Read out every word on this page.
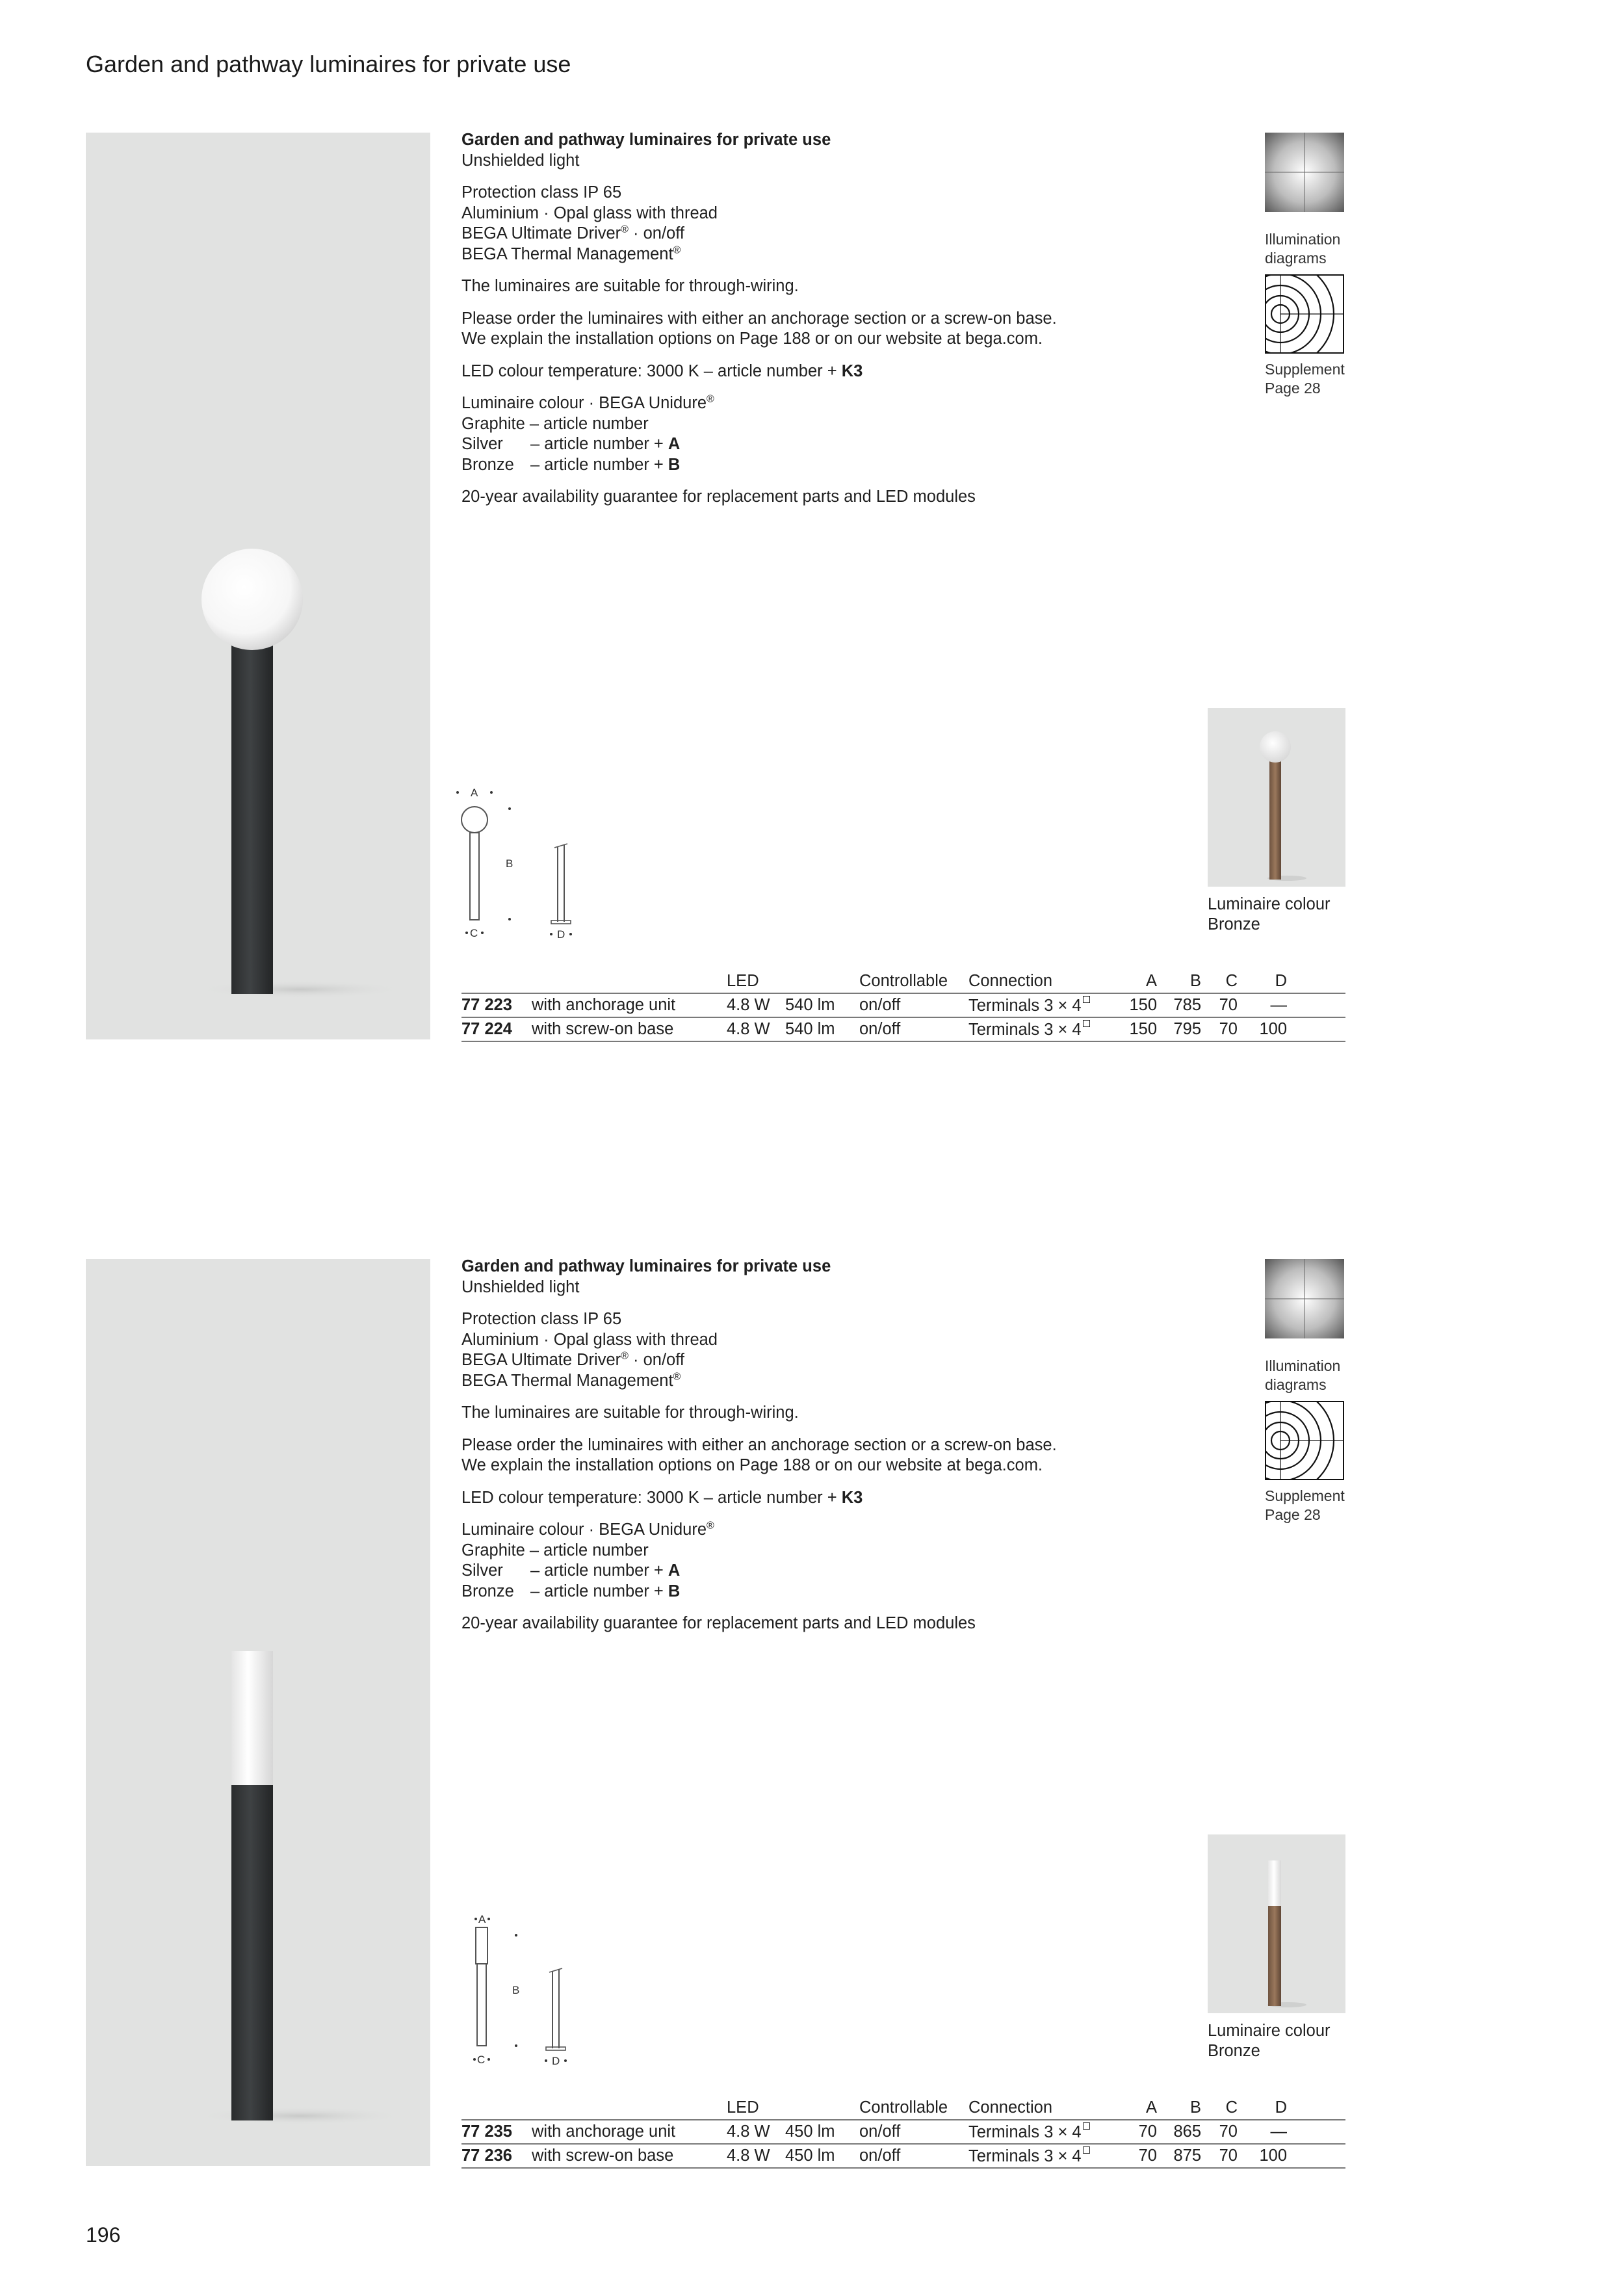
Garden and pathway luminaires for private use

Garden and pathway luminaires for private use
Unshielded light

Protection class IP 65
Aluminium · Opal glass with thread
BEGA Ultimate Driver® · on/off
BEGA Thermal Management®

The luminaires are suitable for through-wiring.

Please order the luminaires with either an anchorage section or a screw-on base.
We explain the installation options on Page 188 or on our website at bega.com.

LED colour temperature: 3000 K – article number + K3

Luminaire colour · BEGA Unidure®
Graphite – article number
Silver – article number + A
Bronze – article number + B

20-year availability guarantee for replacement parts and LED modules

Illumination diagrams
Supplement
Page 28
A
B
C	D
Luminaire colour
Bronze
		LED		Controllable	Connection	A	B	C	D	
77 223	with anchorage unit	4.8 W	540 lm	on/off	Terminals 3 × 4	150	785	70	—	
77 224	with screw-on base	4.8 W	540 lm	on/off	Terminals 3 × 4	150	795	70	100	

Garden and pathway luminaires for private use
Unshielded light

Protection class IP 65
Aluminium · Opal glass with thread
BEGA Ultimate Driver® · on/off
BEGA Thermal Management®

The luminaires are suitable for through-wiring.

Please order the luminaires with either an anchorage section or a screw-on base.
We explain the installation options on Page 188 or on our website at bega.com.

LED colour temperature: 3000 K – article number + K3

Luminaire colour · BEGA Unidure®
Graphite – article number
Silver – article number + A
Bronze – article number + B

20-year availability guarantee for replacement parts and LED modules

Illumination diagrams
Supplement
Page 28
A
B
C	D
Luminaire colour
Bronze
		LED		Controllable	Connection	A	B	C	D	
77 235	with anchorage unit	4.8 W	450 lm	on/off	Terminals 3 × 4	70	865	70	—	
77 236	with screw-on base	4.8 W	450 lm	on/off	Terminals 3 × 4	70	875	70	100	
196
